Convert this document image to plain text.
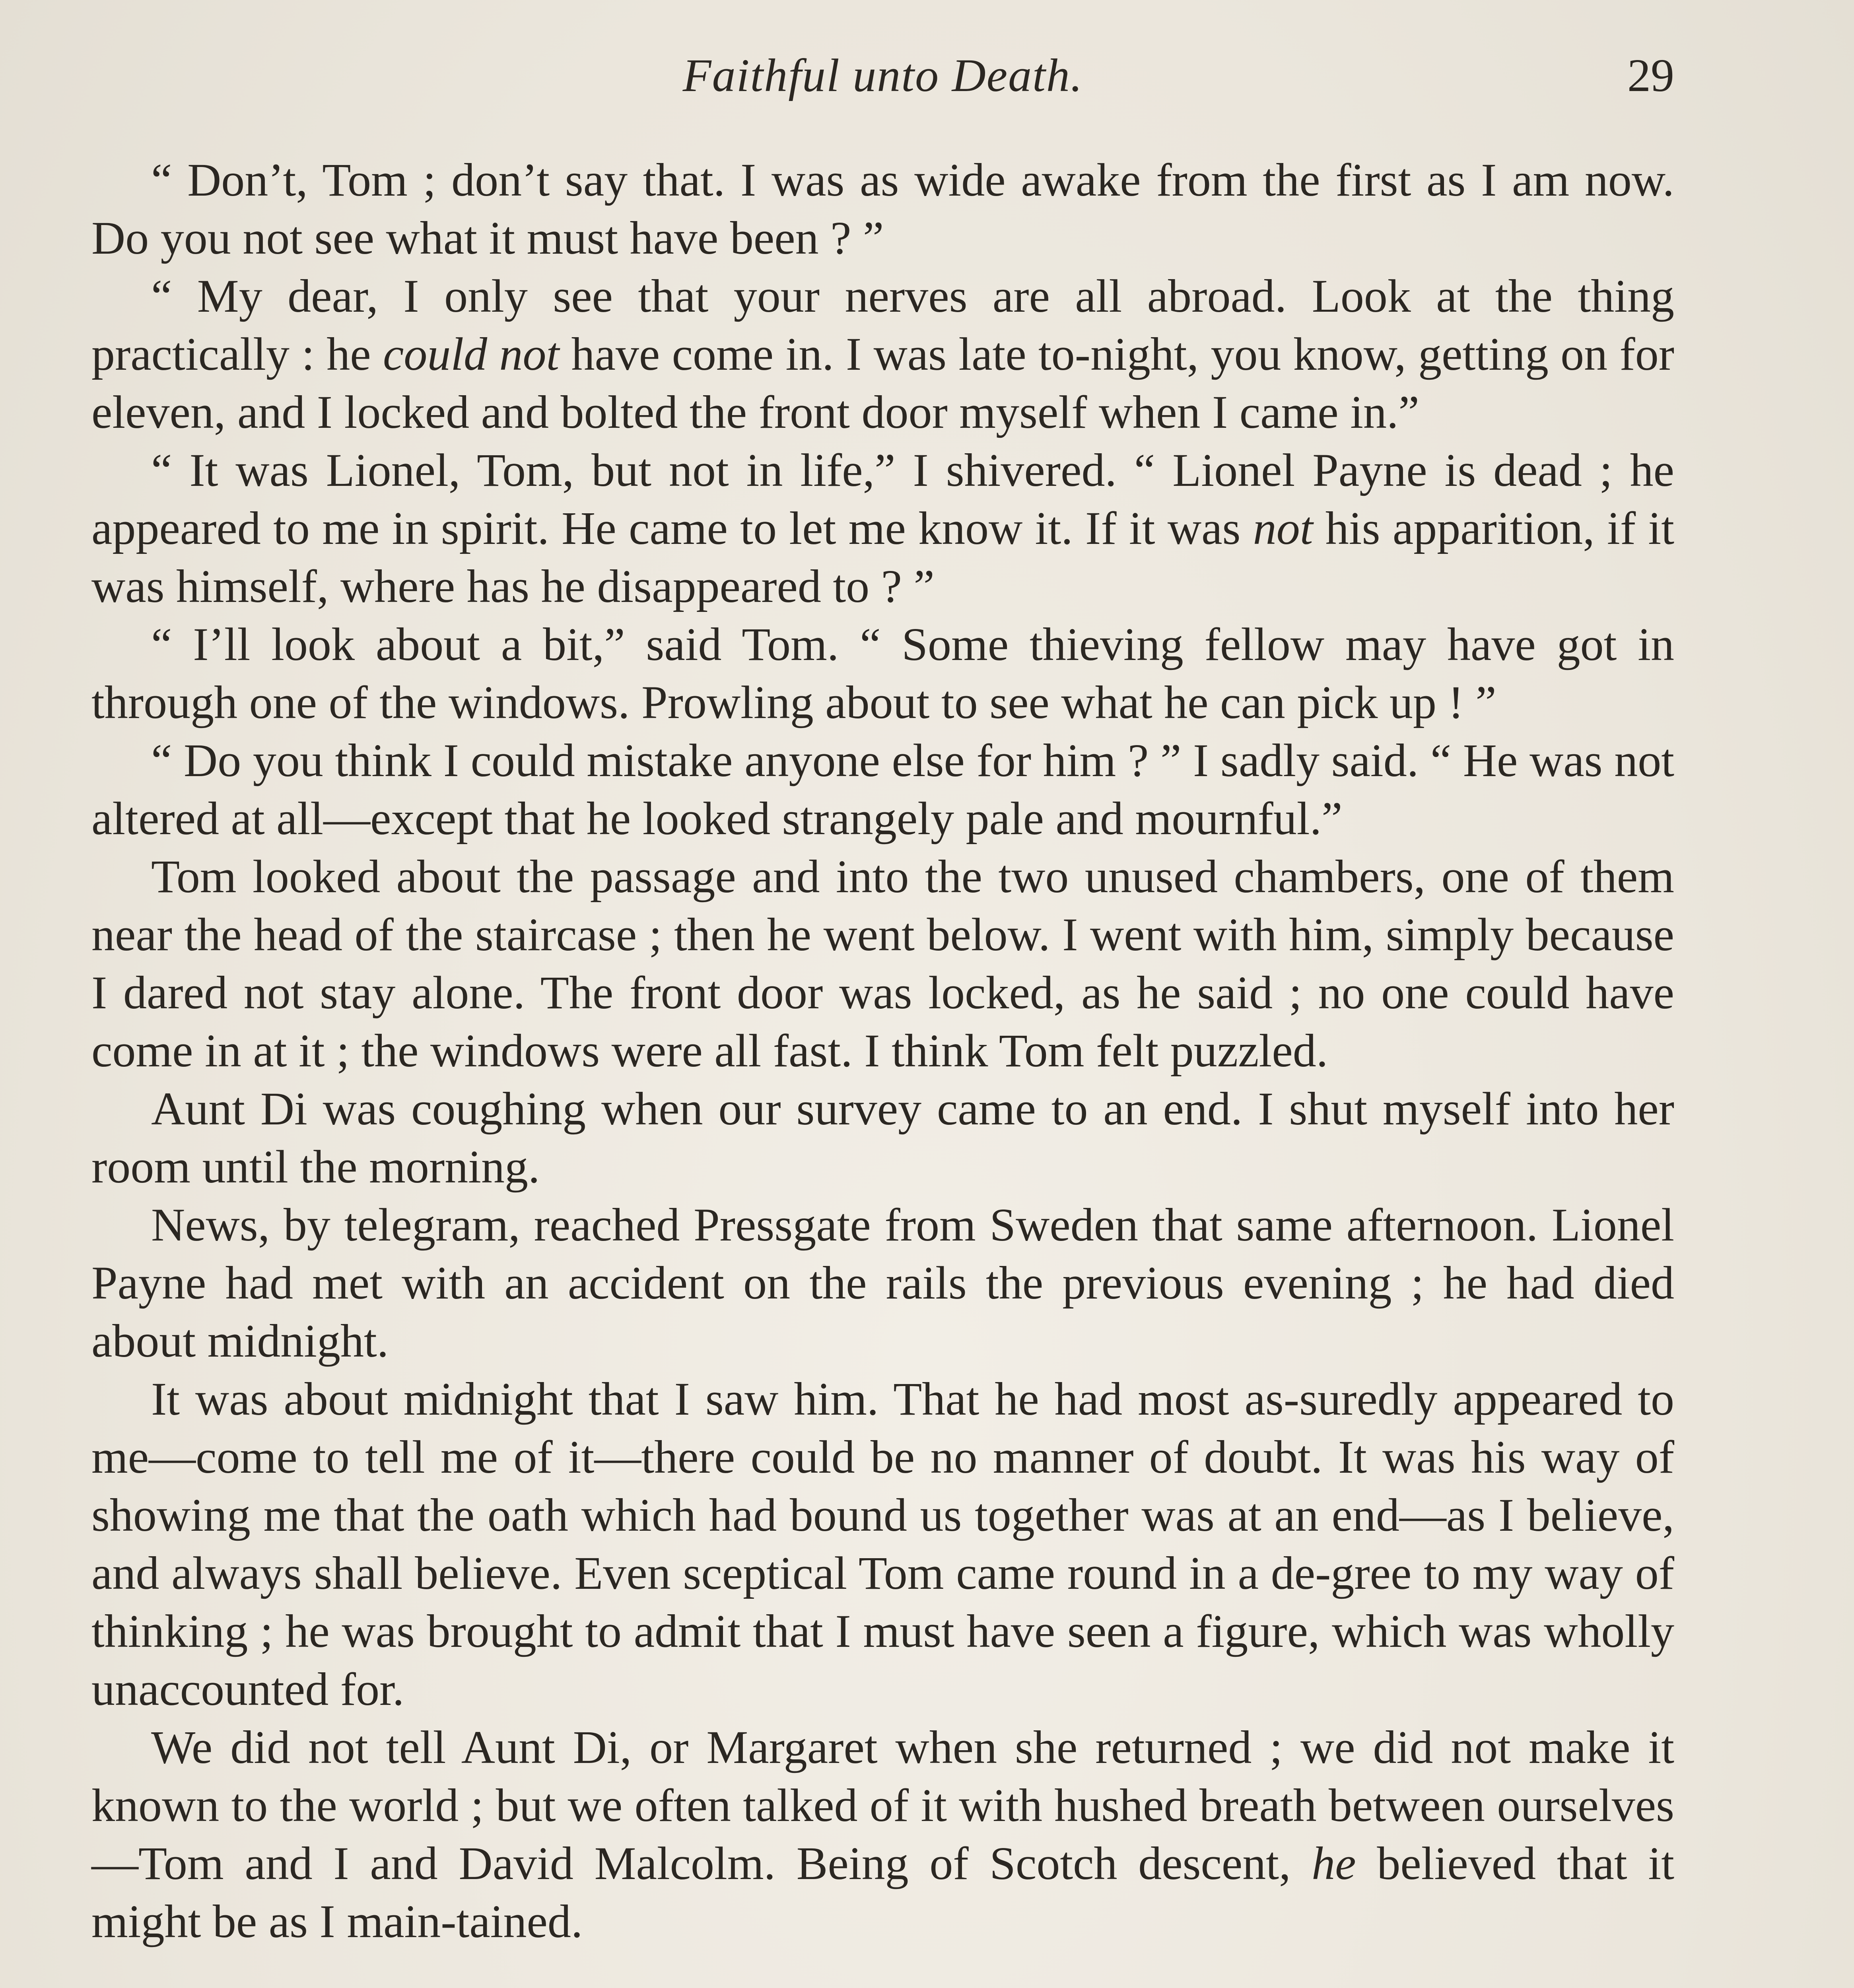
Faithful unto Death.	29

“ Don’t, Tom ; don’t say that. I was as wide awake from the first as I am now. Do you not see what it must have been ? ”

“ My dear, I only see that your nerves are all abroad. Look at the thing practically : he could not have come in. I was late to-night, you know, getting on for eleven, and I locked and bolted the front door myself when I came in.”

“ It was Lionel, Tom, but not in life,” I shivered. “ Lionel Payne is dead ; he appeared to me in spirit. He came to let me know it. If it was not his apparition, if it was himself, where has he disappeared to ? ”

“ I’ll look about a bit,” said Tom. “ Some thieving fellow may have got in through one of the windows. Prowling about to see what he can pick up ! ”

“ Do you think I could mistake anyone else for him ? ” I sadly said. “ He was not altered at all—except that he looked strangely pale and mournful.”

Tom looked about the passage and into the two unused chambers, one of them near the head of the staircase ; then he went below. I went with him, simply because I dared not stay alone. The front door was locked, as he said ; no one could have come in at it ; the windows were all fast. I think Tom felt puzzled.

Aunt Di was coughing when our survey came to an end. I shut myself into her room until the morning.

News, by telegram, reached Pressgate from Sweden that same afternoon. Lionel Payne had met with an accident on the rails the previous evening ; he had died about midnight.

It was about midnight that I saw him. That he had most as-suredly appeared to me—come to tell me of it—there could be no manner of doubt. It was his way of showing me that the oath which had bound us together was at an end—as I believe, and always shall believe. Even sceptical Tom came round in a de-gree to my way of thinking ; he was brought to admit that I must have seen a figure, which was wholly unaccounted for.

We did not tell Aunt Di, or Margaret when she returned ; we did not make it known to the world ; but we often talked of it with hushed breath between ourselves—Tom and I and David Malcolm. Being of Scotch descent, he believed that it might be as I main-tained.
